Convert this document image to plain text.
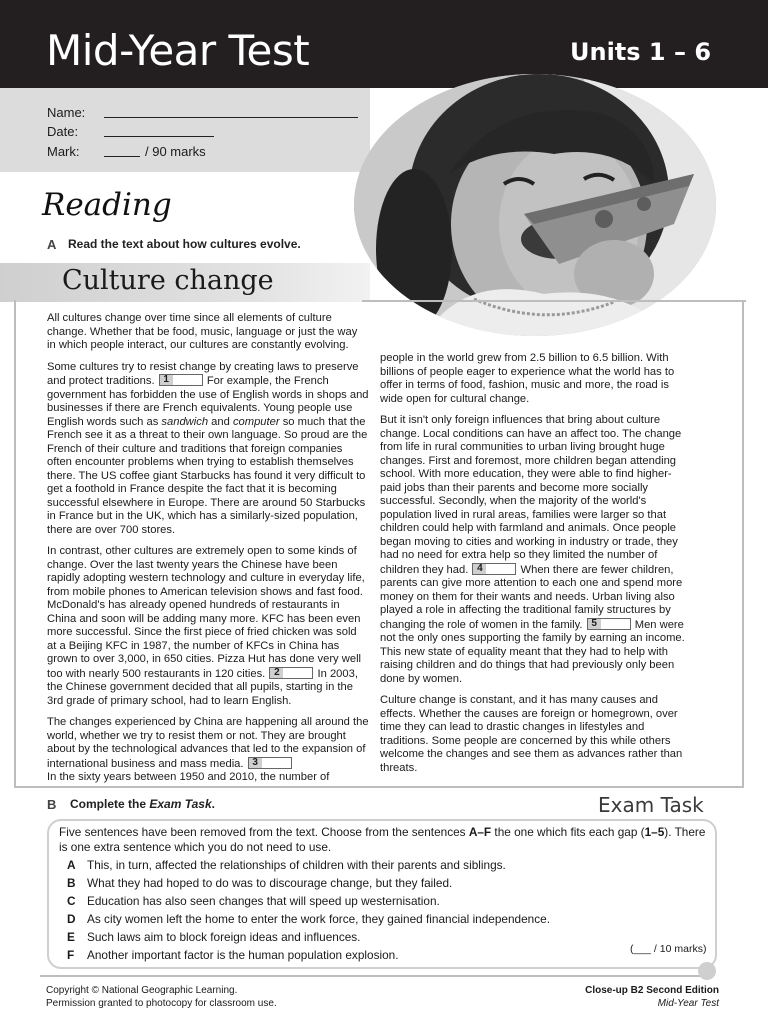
Mid-Year Test	Units 1 – 6
Name:
Date:
Mark:	/ 90 marks
Reading
A Read the text about how cultures evolve.
Culture change

All cultures change over time since all elements of culture change. Whether that be food, music, language or just the way in which people interact, our cultures are constantly evolving.

Some cultures try to resist change by creating laws to preserve and protect traditions. 1	For example, the French government has forbidden the use of English words in shops and businesses if there are French equivalents. Young people use English words such as sandwich and computer so much that the French see it as a threat to their own language. So proud are the French of their culture and traditions that foreign companies often encounter problems when trying to establish themselves there. The US coffee giant Starbucks has found it very difficult to get a foothold in France despite the fact that it is becoming successful elsewhere in Europe. There are around 50 Starbucks in France but in the UK, which has a similarly-sized population, there are over 700 stores.

In contrast, other cultures are extremely open to some kinds of change. Over the last twenty years the Chinese have been rapidly adopting western technology and culture in everyday life, from mobile phones to American television shows and fast food. McDonald's has already opened hundreds of restaurants in China and soon will be adding many more. KFC has been even more successful. Since the first piece of fried chicken was sold at a Beijing KFC in 1987, the number of KFCs in China has grown to over 3,000, in 650 cities. Pizza Hut has done very well too with nearly 500 restaurants in 120 cities. 2	In 2003, the Chinese government decided that all pupils, starting in the 3rd grade of primary school, had to learn English.

The changes experienced by China are happening all around the world, whether we try to resist them or not. They are brought about by the technological advances that led to the expansion of international business and mass media. 3

In the sixty years between 1950 and 2010, the number of

people in the world grew from 2.5 billion to 6.5 billion. With billions of people eager to experience what the world has to offer in terms of food, fashion, music and more, the road is wide open for cultural change.

But it isn't only foreign influences that bring about culture change. Local conditions can have an affect too. The change from life in rural communities to urban living brought huge changes. First and foremost, more children began attending school. With more education, they were able to find higher-paid jobs than their parents and become more socially successful. Secondly, when the majority of the world's population lived in rural areas, families were larger so that children could help with farmland and animals. Once people began moving to cities and working in industry or trade, they had no need for extra help so they limited the number of children they had. 4	When there are fewer children, parents can give more attention to each one and spend more money on them for their wants and needs. Urban living also played a role in affecting the traditional family structures by changing the role of women in the family. 5	Men were not the only ones supporting the family by earning an income. This new state of equality meant that they had to help with raising children and do things that had previously only been done by women.

Culture change is constant, and it has many causes and effects. Whether the causes are foreign or homegrown, over time they can lead to drastic changes in lifestyles and traditions. Some people are concerned by this while others welcome the changes and see them as advances rather than threats.

B Complete the Exam Task.	Exam Task
Five sentences have been removed from the text. Choose from the sentences A–F the one which fits each gap (1–5). There is one extra sentence which you do not need to use.
A This, in turn, affected the relationships of children with their parents and siblings.
B What they had hoped to do was to discourage change, but they failed.
C Education has also seen changes that will speed up westernisation.
D As city women left the home to enter the work force, they gained financial independence.
E Such laws aim to block foreign ideas and influences.
F Another important factor is the human population explosion.	(___ / 10 marks)
Copyright © National Geographic Learning.
Permission granted to photocopy for classroom use.
Close-up B2 Second Edition
Mid-Year Test
